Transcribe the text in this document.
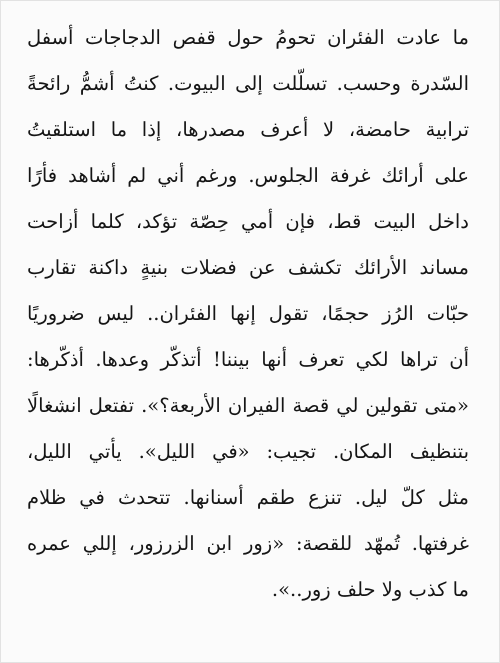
ما عادت الفئران تحومُ حول قفص الدجاجات أسفل
السّدرة وحسب. تسلّلت إلى البيوت. كنتُ أشمُّ رائحةً
ترابية حامضة، لا أعرف مصدرها، إذا ما استلقيتُ
على أرائك غرفة الجلوس. ورغم أني لم أشاهد فأرًا
داخل البيت قط، فإن أمي حِصّة تؤكد، كلما أزاحت
مساند الأرائك تكشف عن فضلات بنيةٍ داكنة تقارب
حبّات الرُز حجمًا، تقول إنها الفئران.. ليس ضروريًا
أن تراها لكي تعرف أنها بيننا! أتذكّر وعدها. أذكّرها:
«متى تقولين لي قصة الفيران الأربعة؟». تفتعل انشغالًا
بتنظيف المكان. تجيب: «في الليل». يأتي الليل،
مثل كلّ ليل. تنزع طقم أسنانها. تتحدث في ظلام
غرفتها. تُمهّد للقصة: «زور ابن الزرزور، إللي عمره
ما كذب ولا حلف زور..».
